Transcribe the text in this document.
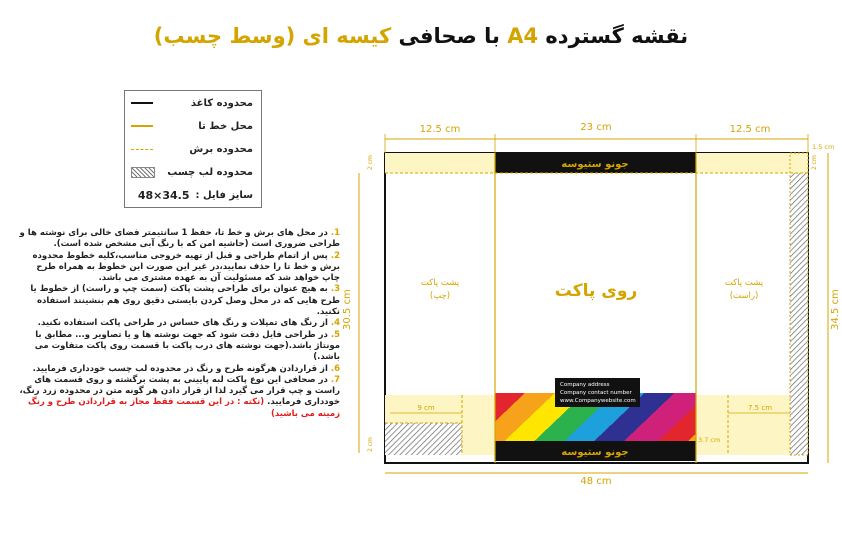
نقشه گسترده A4 با صحافی کیسه ای (وسط چسب)
محدوده کاغذ
محل خط تا
محدوده برش
محدوده لب چسب
سایز فایل :
48×34.5

1. در محل های برش و خط تا، حفظ 1 سانتیمتر فضای خالی برای نوشته ها و طراحی ضروری است (حاشیه امن که با رنگ آبی مشخص شده است).

2. پس از اتمام طراحی و قبل از تهیه خروجی مناسب،کلیه خطوط محدوده برش و خط تا را حذف نمایید،در غیر این صورت این خطوط به همراه طرح چاپ خواهد شد که مسئولیت آن به عهده مشتری می باشد.

3. به هیچ عنوان برای طراحی پشت پاکت (سمت چپ و راست) از خطوط یا طرح هایی که در محل وصل کردن بایستی دقیق روی هم بنشینند استفاده نکنید.

4. از رنگ های تمپلات و رنگ های حساس در طراحی پاکت استفاده نکنید.

5. در طراحی فایل دقت شود که جهت نوشته ها و یا تصاویر و... مطابق با مونتاژ باشد.(جهت نوشته های درب پاکت با قسمت روی پاکت متفاوت می باشد.)

6. از قراردادن هرگونه طرح و رنگ در محدوده لب چسب خودداری فرمایید.

7. در صحافی این نوع پاکت لبه پایینی به پشت برگشته و روی قسمت های راست و چپ قرار می گیرد لذا از قرار دادن هر گونه متن در محدوده زرد رنگ، خودداری فرمایید. (نکته : در این قسمت فقط مجاز به قراردادن طرح و رنگ زمینه می باشید)

جونو ستیوسه
Company address
Company contact number
www.Companywebsite.com
جونو ستیوسه
روی پاکت
پشت پاکت
(چپ)
پشت پاکت
(راست)
12.5 cm	23 cm	12.5 cm
1.5 cm
2 cm	2 cm
30.5 cm	34.5 cm
9 cm	7.5 cm
2 cm	3.7 cm
48 cm
